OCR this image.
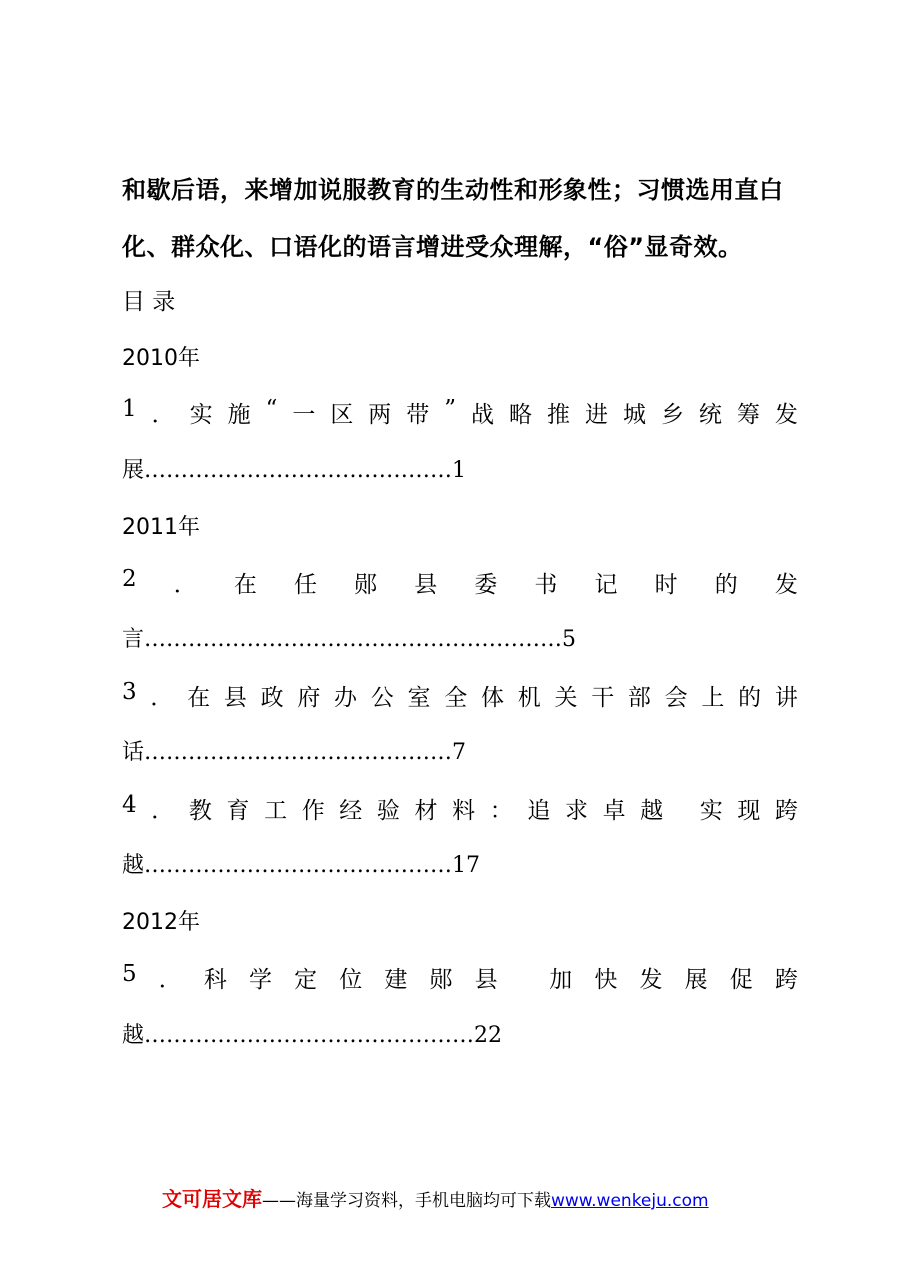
和歇后语，来增加说服教育的生动性和形象性；习惯选用直白
化、群众化、口语化的语言增进受众理解，“俗”显奇效。
目 录
2010年
1 ． 实 施 “ 一 区 两 带 ” 战 略 推 进 城 乡 统 筹 发
展……………………………………1
2011年
2 ． 在 任 郧 县 委 书 记 时 的 发
言…………………………………………………5
3 ． 在 县 政 府 办 公 室 全 体 机 关 干 部 会 上 的 讲
话……………………………………7
4 ． 教 育 工 作 经 验 材 料 ： 追 求 卓 越
实 现 跨
越……………………………………17
2012年
5 ． 科 学 定 位 建 郧 县
加 快 发 展 促 跨
越………………………………………22
文可居文库——海量学习资料，手机电脑均可下载www.wenkeju.com
